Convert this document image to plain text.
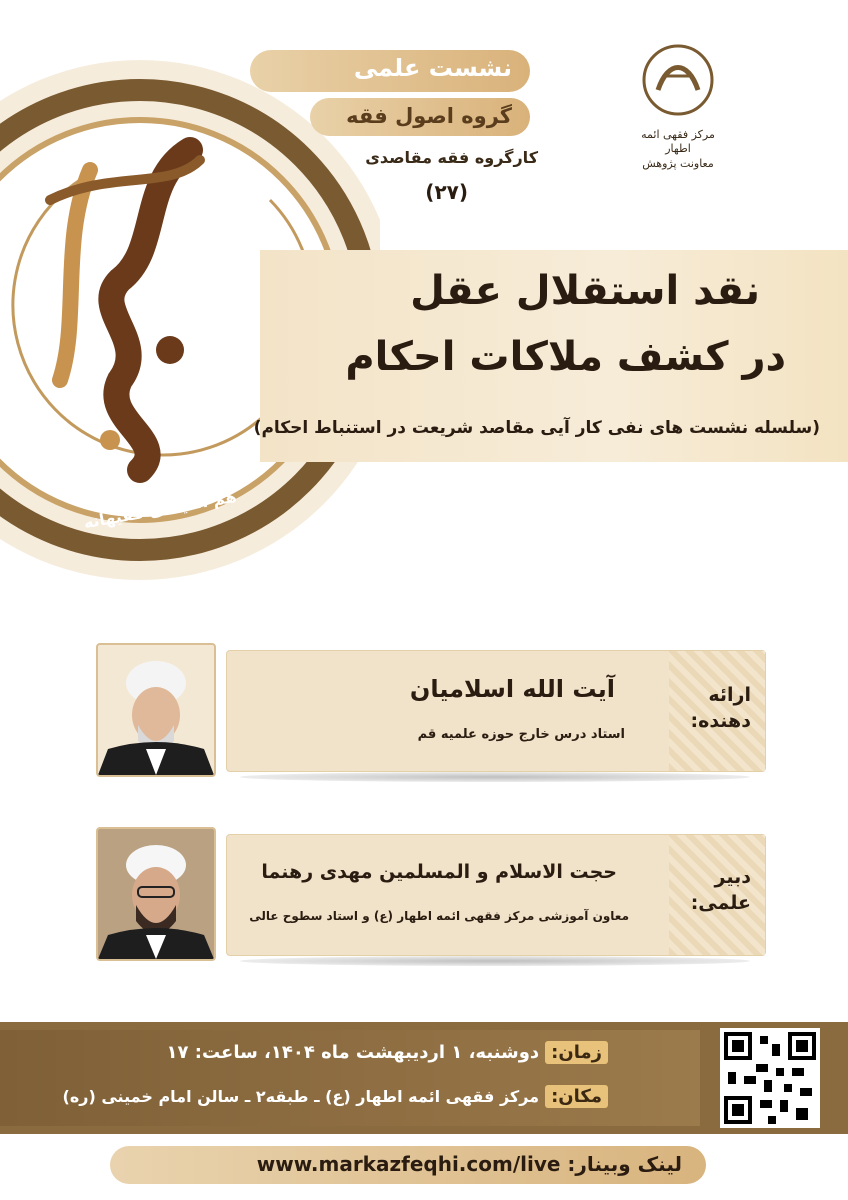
هم اندیشی فقیهانه
نشست علمی
گروه اصول فقه
کارگروه فقه مقاصدی
(۲۷)
مرکز فقهی ائمه اطهار
معاونت پژوهش
نقد استقلال عقل
در کشف ملاکات احکام
(سلسله نشست های نفی کار آیی مقاصد شریعت در استنباط احکام)
ارائه
دهنده:
آیت الله اسلامیان
استاد درس خارج حوزه علمیه قم
دبیر
علمی:
حجت الاسلام و المسلمین مهدی رهنما
معاون آموزشی مرکز فقهی ائمه اطهار (ع) و استاد سطوح عالی
زمان:دوشنبه، ۱ اردیبهشت ماه ۱۴۰۴، ساعت: ۱۷
مکان:مرکز فقهی ائمه اطهار (ع) ـ طبقه۲ ـ سالن امام خمینی (ره)
لینک وبینار: www.markazfeqhi.com/live
